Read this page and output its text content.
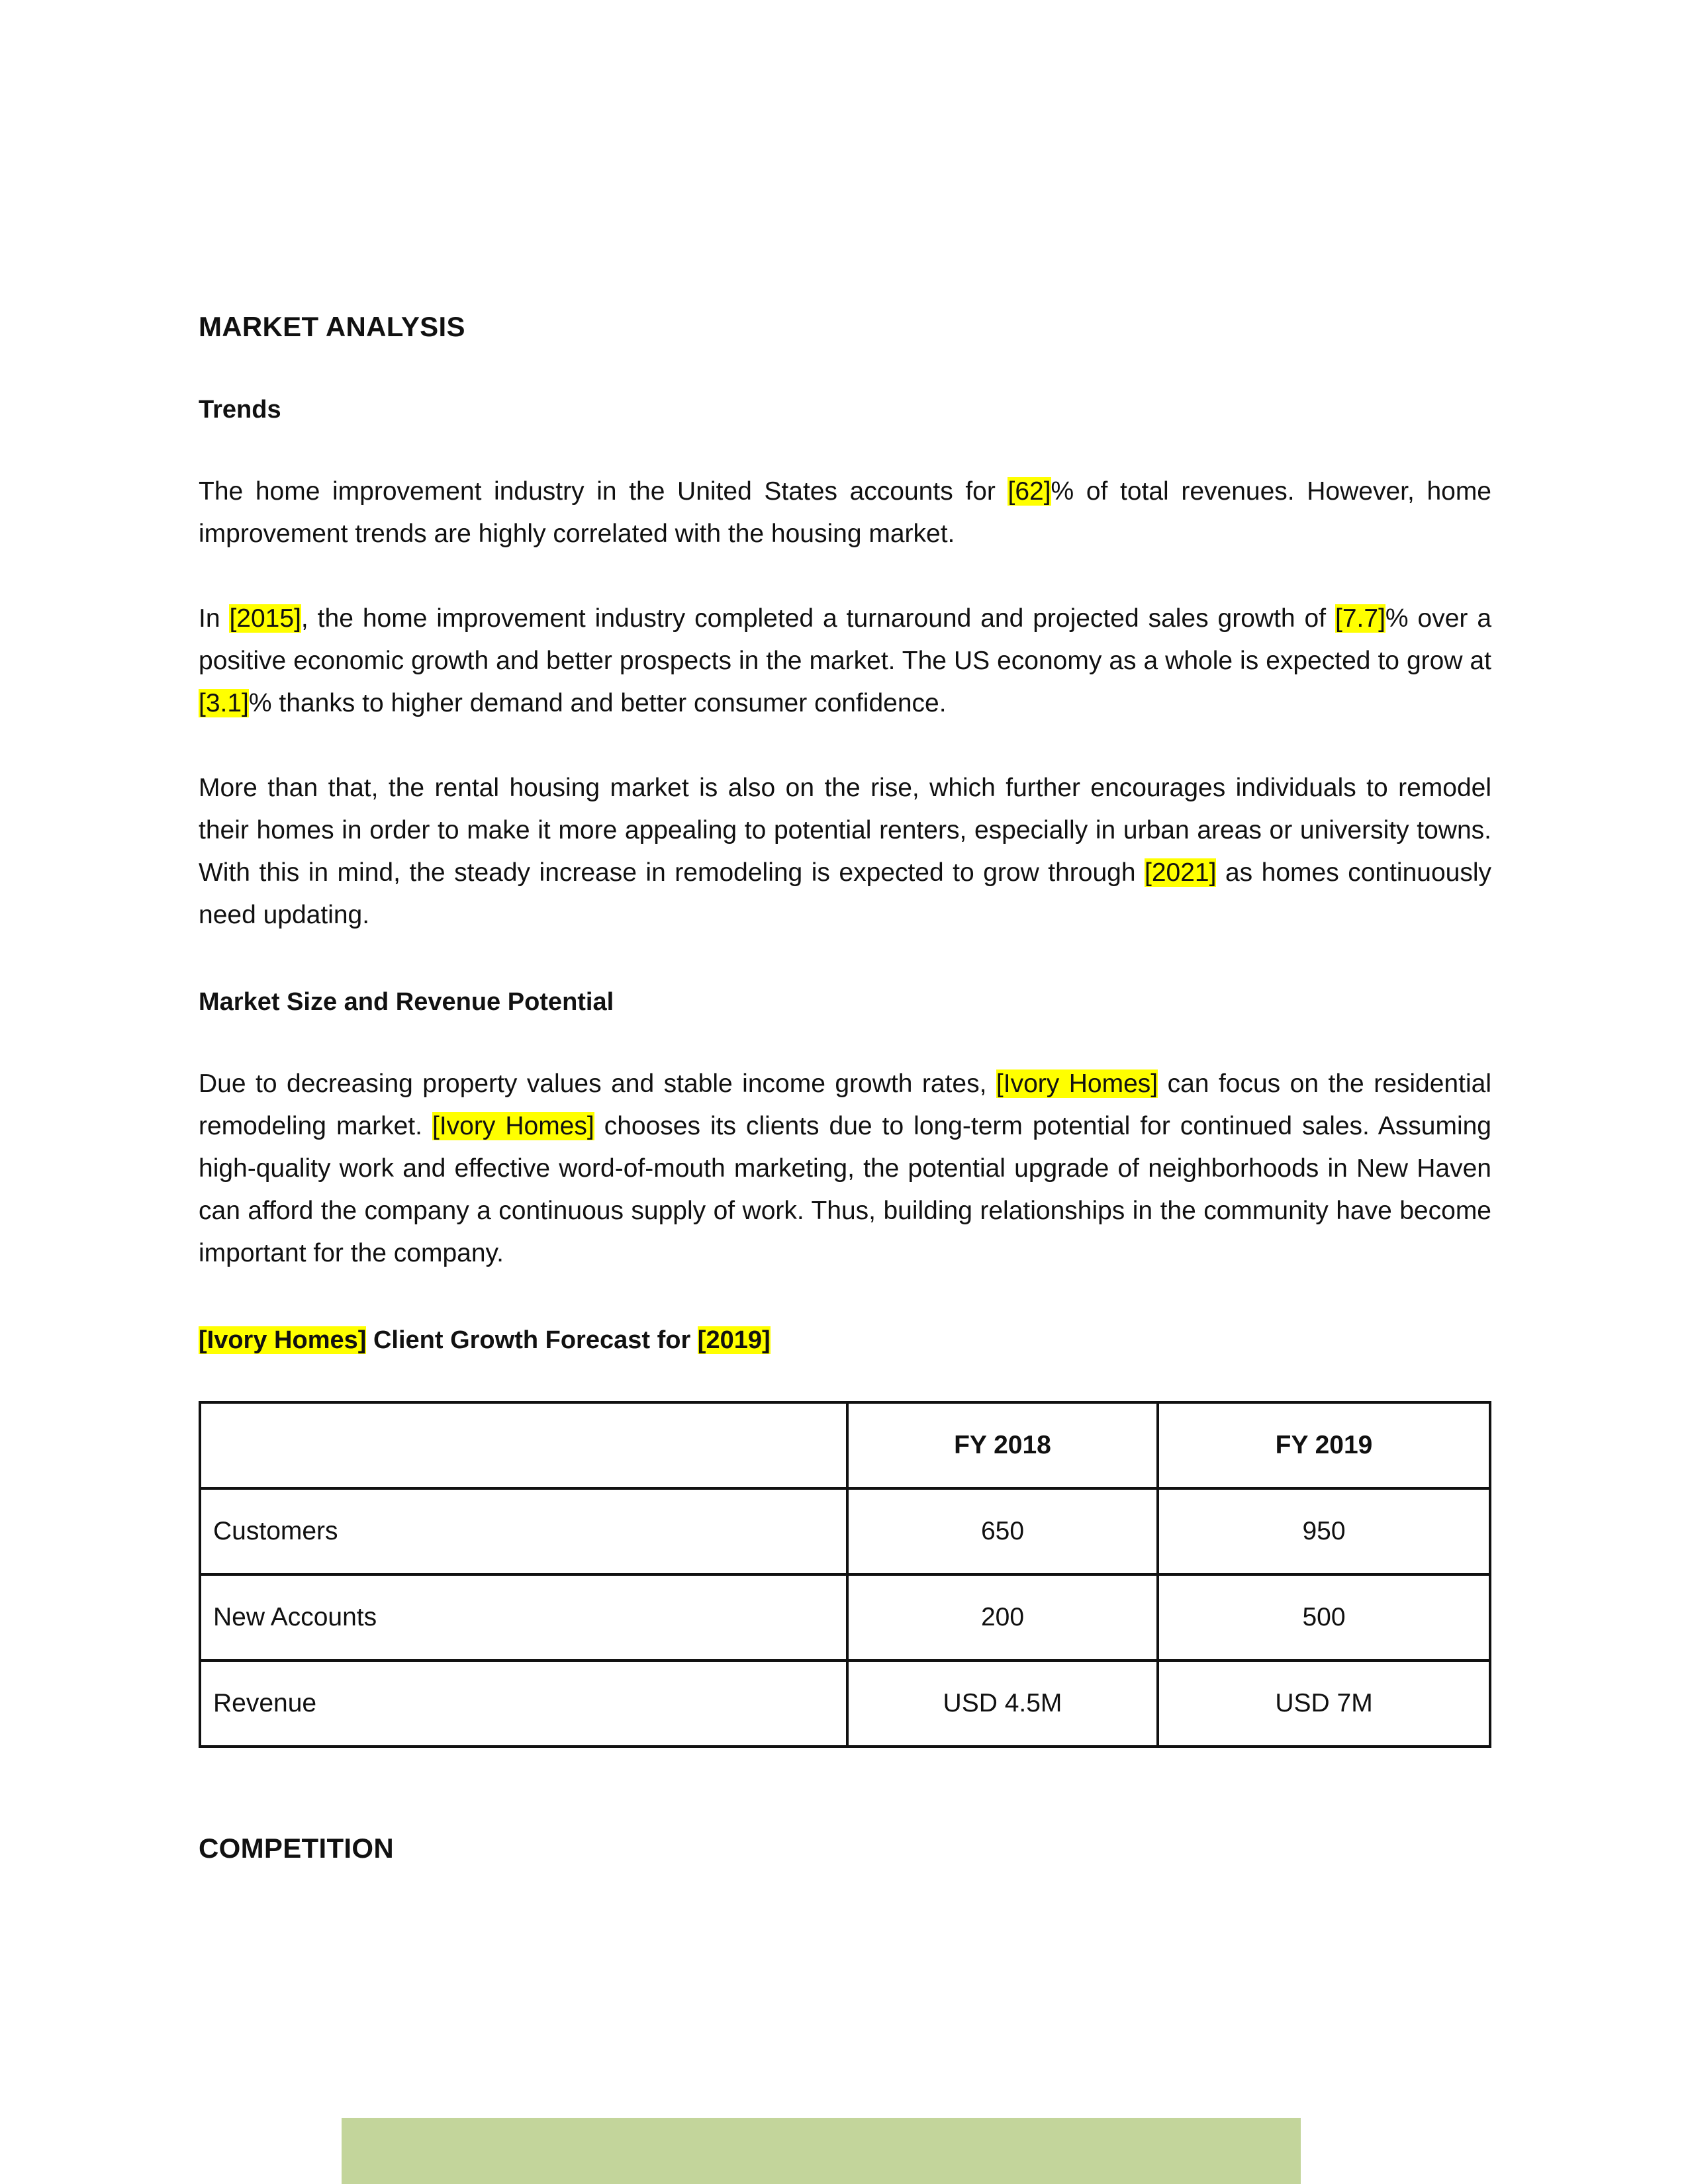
MARKET ANALYSIS
Trends

The home improvement industry in the United States accounts for [62]% of total revenues. However, home improvement trends are highly correlated with the housing market.

In [2015], the home improvement industry completed a turnaround and projected sales growth of [7.7]% over a positive economic growth and better prospects in the market. The US economy as a whole is expected to grow at [3.1]% thanks to higher demand and better consumer confidence.

More than that, the rental housing market is also on the rise, which further encourages individuals to remodel their homes in order to make it more appealing to potential renters, especially in urban areas or university towns. With this in mind, the steady increase in remodeling is expected to grow through [2021] as homes continuously need updating.

Market Size and Revenue Potential

Due to decreasing property values and stable income growth rates, [Ivory Homes] can focus on the residential remodeling market. [Ivory Homes] chooses its clients due to long-term potential for continued sales. Assuming high-quality work and effective word-of-mouth marketing, the potential upgrade of neighborhoods in New Haven can afford the company a continuous supply of work. Thus, building relationships in the community have become important for the company.

[Ivory Homes] Client Growth Forecast for [2019]
	FY 2018	FY 2019
Customers	650	950
New Accounts	200	500
Revenue	USD 4.5M	USD 7M
COMPETITION
